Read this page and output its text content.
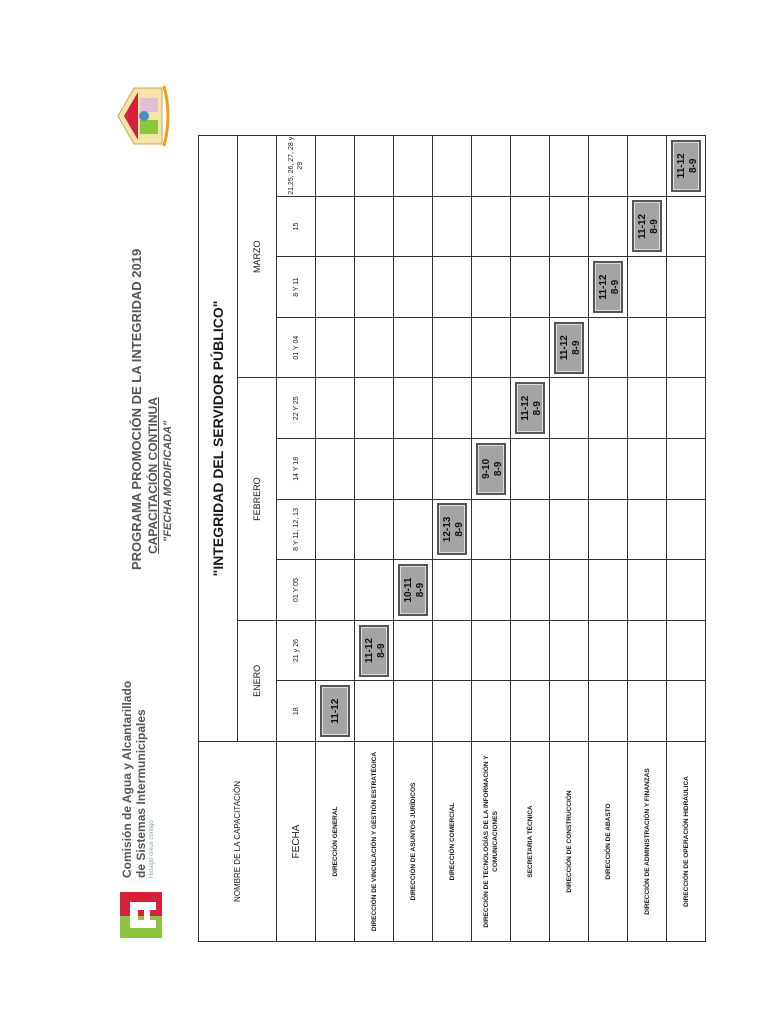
Comisión de Agua y Alcantarillado de Sistemas Intermunicipales Hidalgo crece contigo
PROGRAMA PROMOCIÓN DE LA INTEGRIDAD 2019 CAPACITACIÓN CONTINUA "FECHA MODIFICADA"
NOMBRE DE LA CAPACITACIÓN	"INTEGRIDAD DEL SERVIDOR PÚBLICO"									
	ENERO		FEBRERO				MARZO			
FECHA	18	21 y 26	01 Y 05	8 Y 11, 12, 13	14 Y 18	22 Y 25	01 Y 04	8 Y 11	15	21,25, 26, 27, 28 y 29
DIRECCIÓN GENERAL	11-12									

DIRECCIÓN DE VINCULACIÓN Y GESTIÓN ESTRATÉGICA		11-12 8-9								

DIRECCIÓN DE ASUNTOS JURÍDICOS			10-11 8-9							

DIRECCIÓN COMERCIAL				12-13 8-9						

DIRECCIÓN DE TECNOLOGÍAS DE LA INFORMACIÓN Y COMUNICACIONES					9-10 8-9					

SECRETARIA TÉCNICA						11-12 8-9				

DIRECCIÓN DE CONSTRUCCIÓN							11-12 8-9			

DIRECCIÓN DE ABASTO								11-12 8-9		

DIRECCIÓN DE ADMINISTRACIÓN Y FINANZAS									11-12 8-9	

DIRECCIÓN DE OPERACIÓN HIDRÁULICA										11-12 8-9
